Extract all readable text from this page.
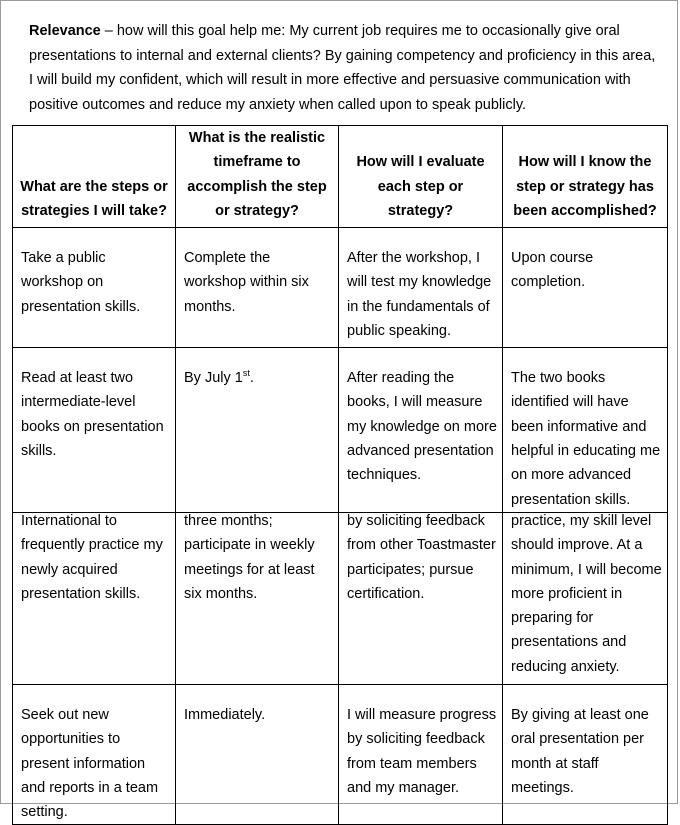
Relevance – how will this goal help me: My current job requires me to occasionally give oral presentations to internal and external clients? By gaining competency and proficiency in this area, I will build my confident, which will result in more effective and persuasive communication with positive outcomes and reduce my anxiety when called upon to speak publicly.
What are the steps or strategies I will take?	What is the realistic timeframe to accomplish the step or strategy?	How will I evaluate each step or strategy?	How will I know the step or strategy has been accomplished?
Take a public workshop on presentation skills.	Complete the workshop within six months.	After the workshop, I will test my knowledge in the fundamentals of public speaking.	Upon course completion.
Read at least two intermediate-level books on presentation skills.	By July 1st.	After reading the books, I will measure my knowledge on more advanced presentation techniques.	The two books identified will have been informative and helpful in educating me on more advanced presentation skills.

International to frequently practice my newly acquired presentation skills.	three months; participate in weekly meetings for at least six months.	by soliciting feedback from other Toastmaster participates; pursue certification.	practice, my skill level should improve. At a minimum, I will become more proficient in preparing for presentations and reducing anxiety.

Seek out new opportunities to present information and reports in a team setting.	Immediately.	I will measure progress by soliciting feedback from team members and my manager.	By giving at least one oral presentation per month at staff meetings.
